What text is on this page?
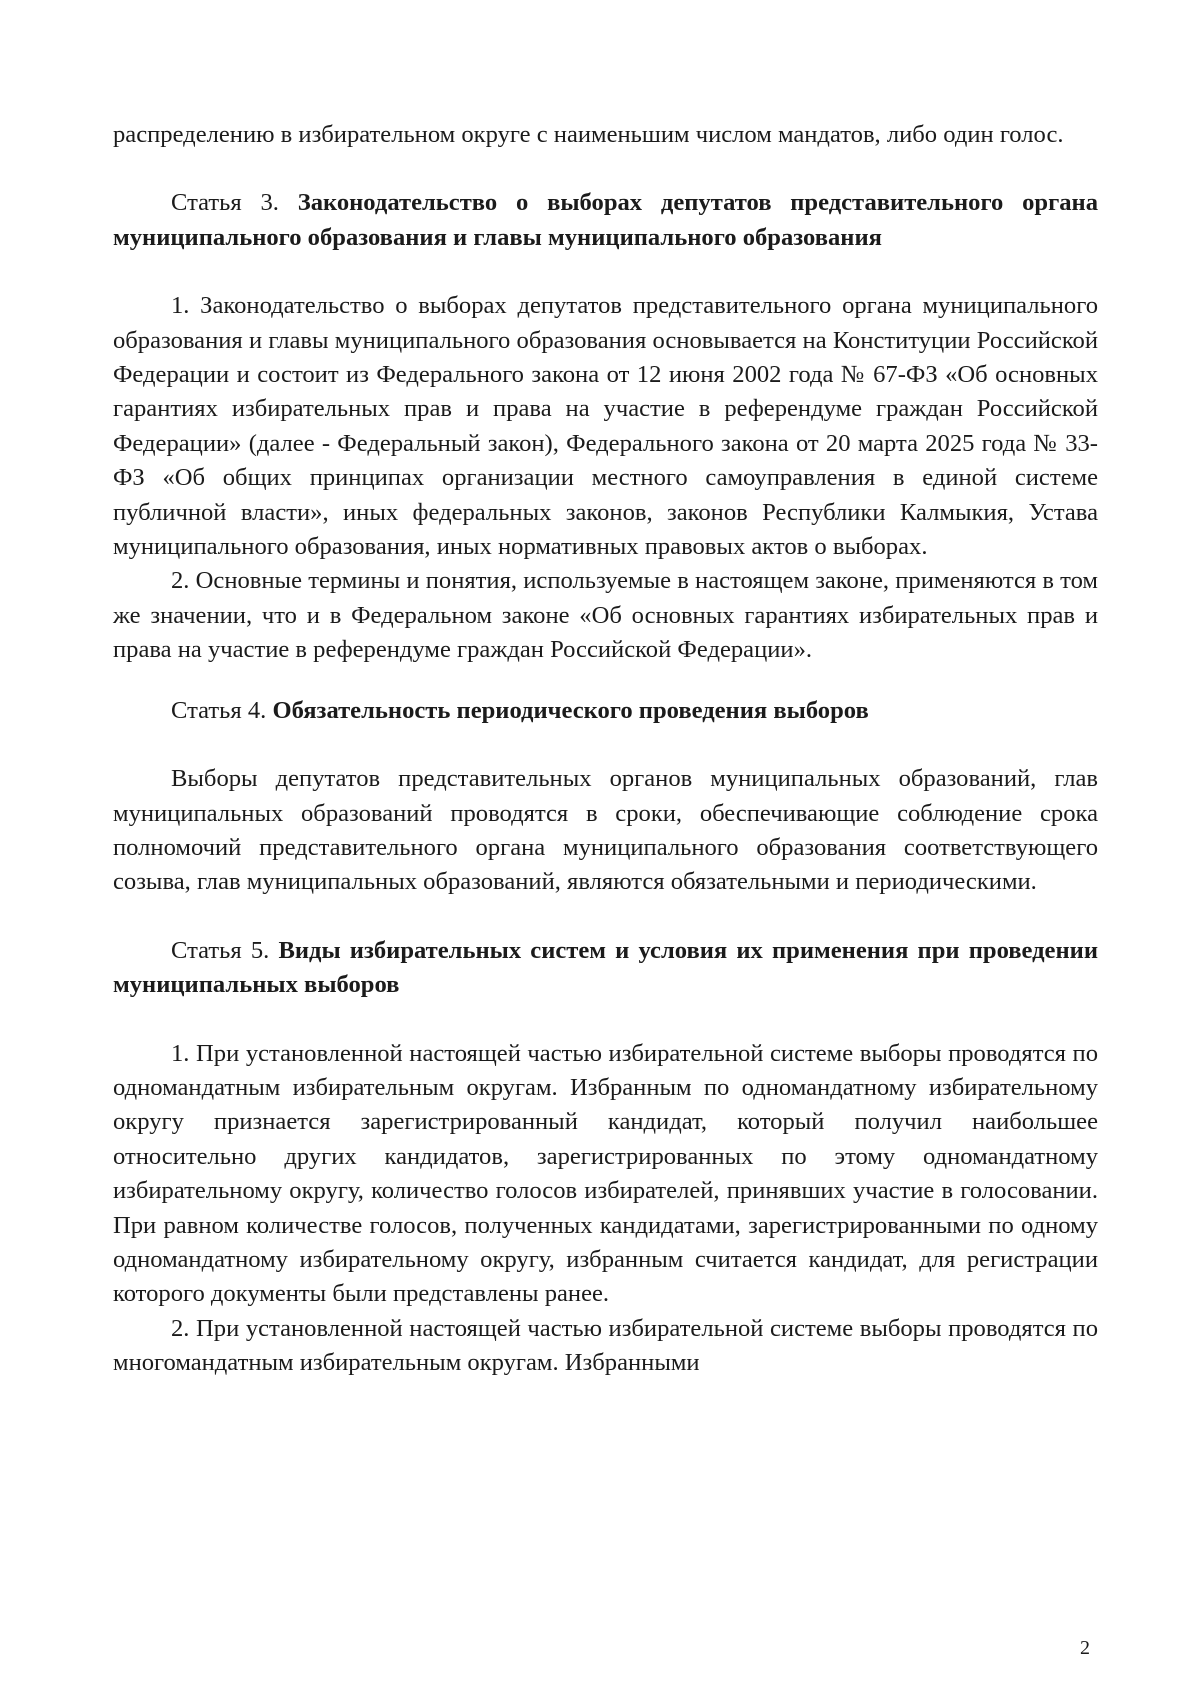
распределению в избирательном округе с наименьшим числом мандатов, либо один голос.

Статья 3. Законодательство о выборах депутатов представительного органа муниципального образования и главы муниципального образования

1. Законодательство о выборах депутатов представительного органа муниципального образования и главы муниципального образования основывается на Конституции Российской Федерации и состоит из Федерального закона от 12 июня 2002 года № 67-ФЗ «Об основных гарантиях избирательных прав и права на участие в референдуме граждан Российской Федерации» (далее - Федеральный закон), Федерального закона от 20 марта 2025 года № 33-ФЗ «Об общих принципах организации местного самоуправления в единой системе публичной власти», иных федеральных законов, законов Республики Калмыкия, Устава муниципального образования, иных нормативных правовых актов о выборах.

2. Основные термины и понятия, используемые в настоящем законе, применяются в том же значении, что и в Федеральном законе «Об основных гарантиях избирательных прав и права на участие в референдуме граждан Российской Федерации».

Статья 4. Обязательность периодического проведения выборов

Выборы депутатов представительных органов муниципальных образований, глав муниципальных образований проводятся в сроки, обеспечивающие соблюдение срока полномочий представительного органа муниципального образования соответствующего созыва, глав муниципальных образований, являются обязательными и периодическими.

Статья 5. Виды избирательных систем и условия их применения при проведении муниципальных выборов

1. При установленной настоящей частью избирательной системе выборы проводятся по одномандатным избирательным округам. Избранным по одномандатному избирательному округу признается зарегистрированный кандидат, который получил наибольшее относительно других кандидатов, зарегистрированных по этому одномандатному избирательному округу, количество голосов избирателей, принявших участие в голосовании. При равном количестве голосов, полученных кандидатами, зарегистрированными по одному одномандатному избирательному округу, избранным считается кандидат, для регистрации которого документы были представлены ранее.

2. При установленной настоящей частью избирательной системе выборы проводятся по многомандатным избирательным округам. Избранными

2
